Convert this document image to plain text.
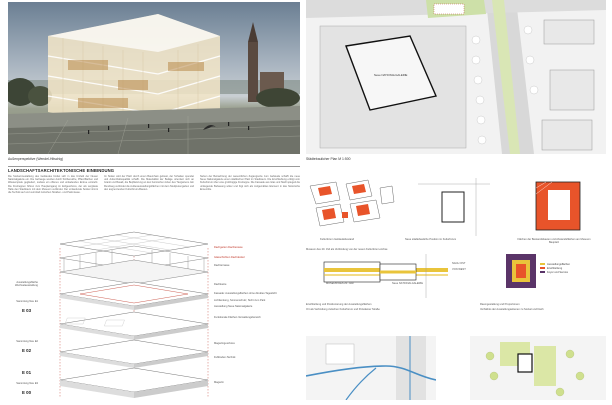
Außenperspektive (Wendel-Hitschig)
Neue NATIONALGALERIE
Städtebaulicher Plan M 1:500
LANDSCHAFTSARCHITEKTONISCHE EINBINDUNG
Die Sockel-Gestaltung des Gebäudes bindet sich in das Umfeld der Neuen Nationalgalerie ein. Die Gehwege werden durch Sitzbereiche, Pflanzflächen und Wasserspiele gegliedert, sodass ein offenes und einladendes Entree entsteht. Die Freitreppen führen zum Haupteingang im Erdgeschoss, der als verglaste Halle den Stadtraum mit dem Museum verbindet. Der umlaufende Sockel nimmt die Technik auf und vermittelt zwischen Straßen- und Parkniveau.
Im Süden wird der Platz durch einen Baumhain gefasst, der Schatten spendet und Aufenthaltsqualität schafft. Die Materialität der Beläge orientiert sich an Granit und Basalt, die Bepflanzung an den heimischen Arten des Tiergartens. Ein Rundweg verbindet die Außenausstellungsflächen mit dem Skulpturengarten und den angrenzenden Kulturforum-Bauten.
Neben der Betrachtung der wesentlichen Zugangsorte zum Gebäude schafft die neue Neue Nationalgalerie einen städtischen Platz im Stadtraum. Die Erschließung erfolgt vom Kulturforum über eine großzügige Freitreppe. Die Fassade aus Glas und Stahl spiegelt die umliegende Bebauung wider und fügt sich als zeitgemäßes Element in das historische Ensemble.
Ausstellungsfläche Wechselausstellung
Sammlung Neu E1
Sammlung Neu E2
Sammlung Neu E3
E 03
E 02
E 01
E 00
Dachgarten Dachterasse
Glasschichten Dachdeckel
Dachterrasse
Dachkante
Fassade: Ausstellungsflächen ohne direktes Tageslicht
Lichtlenkung, Sonnenschutz, Sicht zum Park
Ausstellung Neue Nationalgalerie
Funktionale Flächen Verwaltungsbereich
Magazingeschoss
Fußboden-Technik
Magazin
Kulturforum Gebäudebestand	Neue städtebauliche Position im Kulturforum	Flächen der Bestandsbauten und Abstandsflächen am Museum Bauplatz
Museum des 20. Jhd als Verbindung von der neuen Kulturforum-Achse
NACH OST
VON WEST
MUSEUM DES 20. JHD	Neue NATIONALGALERIE
Ausstellungsflächen
Erschließung
Foyer und Service
Erschließung und Positionierung der Ausstellungsflächen
Ort als Verbindung zwischen Kulturforum und Potsdamer Straße
Raumgestaltung und Proportionen
Verhältnis der Ausstellungsebenen zu Sockel und Dach
